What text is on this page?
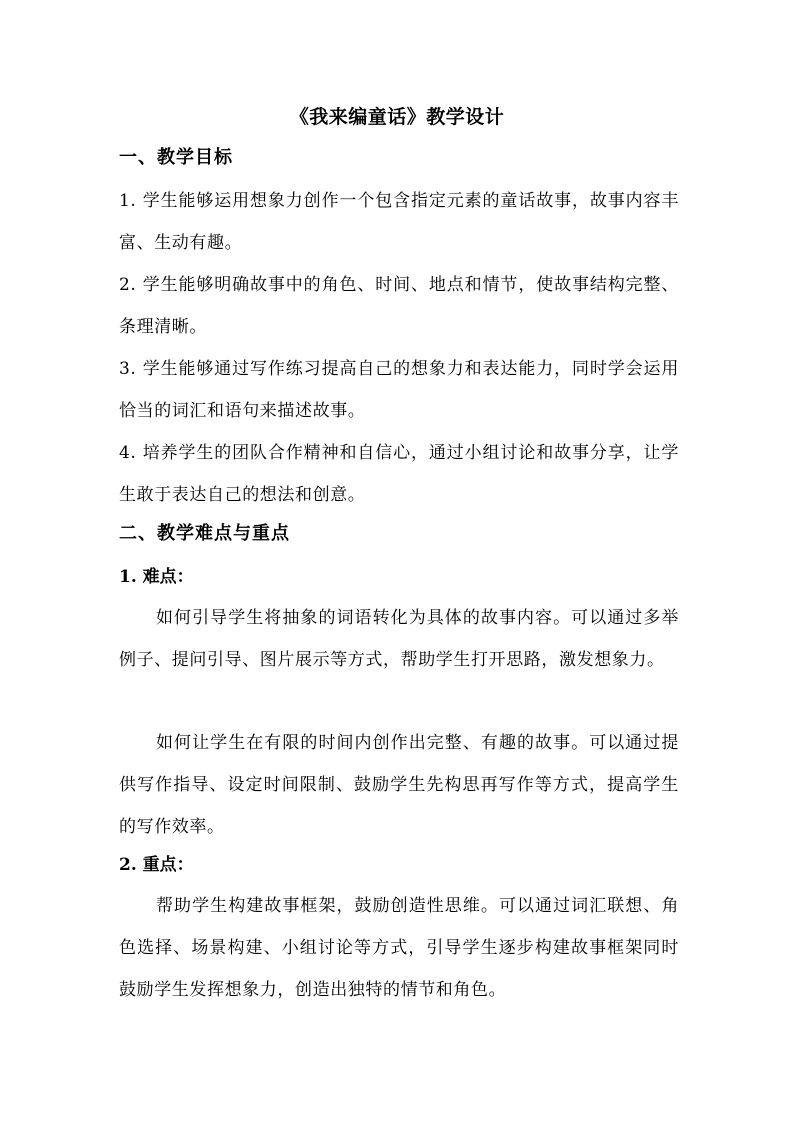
《我来编童话》教学设计
一、教学目标
1. 学生能够运用想象力创作一个包含指定元素的童话故事，故事内容丰富、生动有趣。
2. 学生能够明确故事中的角色、时间、地点和情节，使故事结构完整、条理清晰。
3. 学生能够通过写作练习提高自己的想象力和表达能力，同时学会运用恰当的词汇和语句来描述故事。
4. 培养学生的团队合作精神和自信心，通过小组讨论和故事分享，让学生敢于表达自己的想法和创意。
二、教学难点与重点
1. 难点：
如何引导学生将抽象的词语转化为具体的故事内容。可以通过多举例子、提问引导、图片展示等方式，帮助学生打开思路，激发想象力。
如何让学生在有限的时间内创作出完整、有趣的故事。可以通过提供写作指导、设定时间限制、鼓励学生先构思再写作等方式，提高学生的写作效率。
2. 重点：
帮助学生构建故事框架，鼓励创造性思维。可以通过词汇联想、角色选择、场景构建、小组讨论等方式，引导学生逐步构建故事框架同时鼓励学生发挥想象力，创造出独特的情节和角色。
